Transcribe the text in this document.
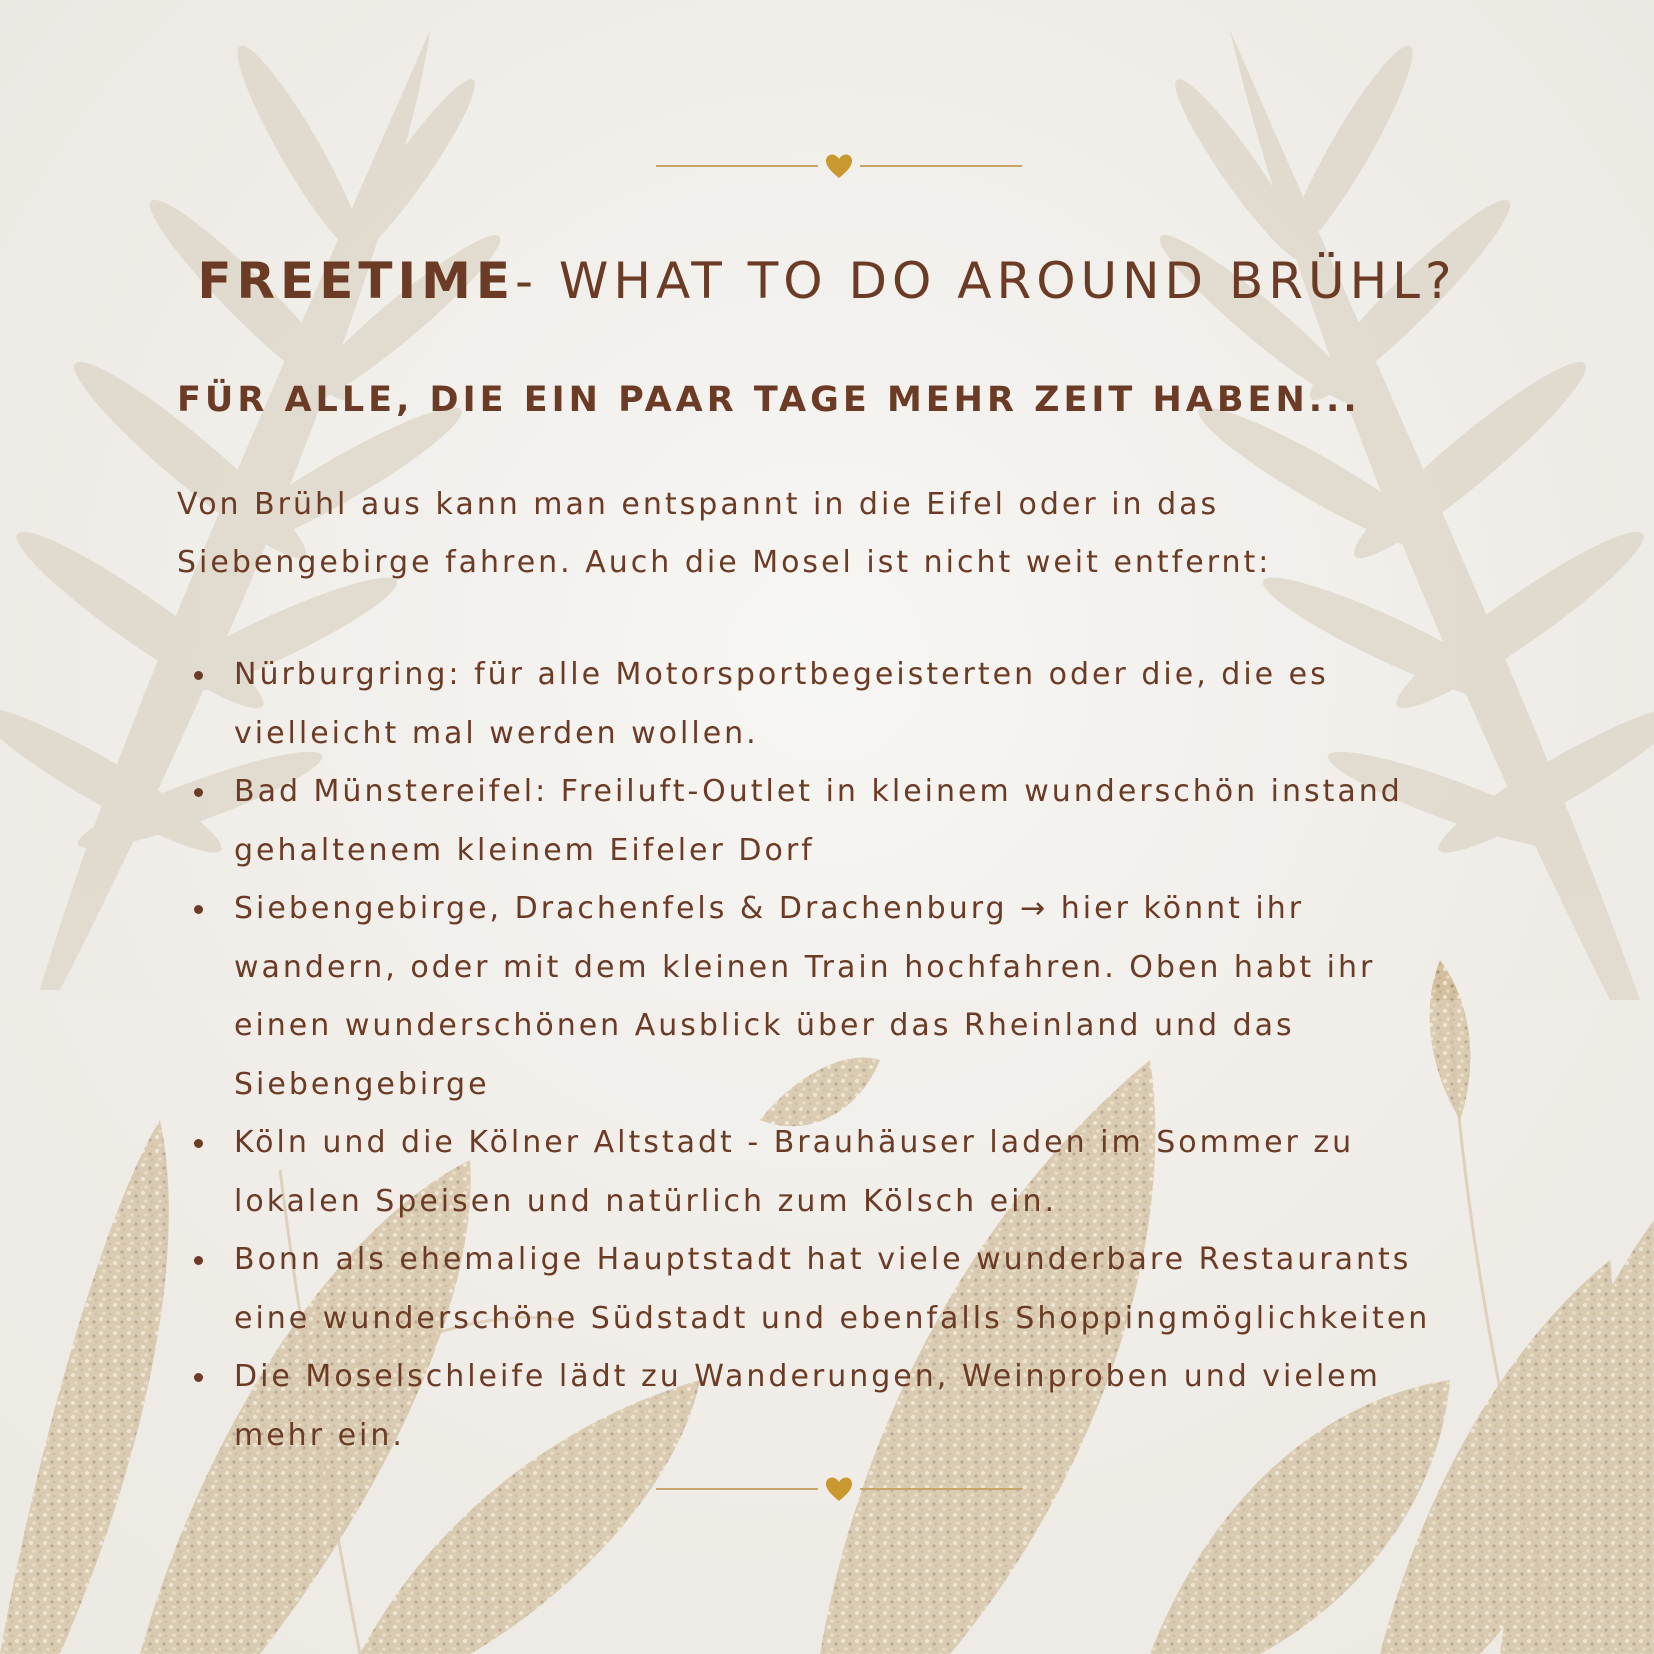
FREETIME- WHAT TO DO AROUND BRÜHL?
FÜR ALLE, DIE EIN PAAR TAGE MEHR ZEIT HABEN...

Von Brühl aus kann man entspannt in die Eifel oder in das

Siebengebirge fahren. Auch die Mosel ist nicht weit entfernt:

Nürburgring: für alle Motorsportbegeisterten oder die, die es
vielleicht mal werden wollen.
Bad Münstereifel: Freiluft-Outlet in kleinem wunderschön instand
gehaltenem kleinem Eifeler Dorf
Siebengebirge, Drachenfels & Drachenburg → hier könnt ihr
wandern, oder mit dem kleinen Train hochfahren. Oben habt ihr
einen wunderschönen Ausblick über das Rheinland und das
Siebengebirge
Köln und die Kölner Altstadt - Brauhäuser laden im Sommer zu
lokalen Speisen und natürlich zum Kölsch ein.
Bonn als ehemalige Hauptstadt hat viele wunderbare Restaurants
eine wunderschöne Südstadt und ebenfalls Shoppingmöglichkeiten
Die Moselschleife lädt zu Wanderungen, Weinproben und vielem
mehr ein.
